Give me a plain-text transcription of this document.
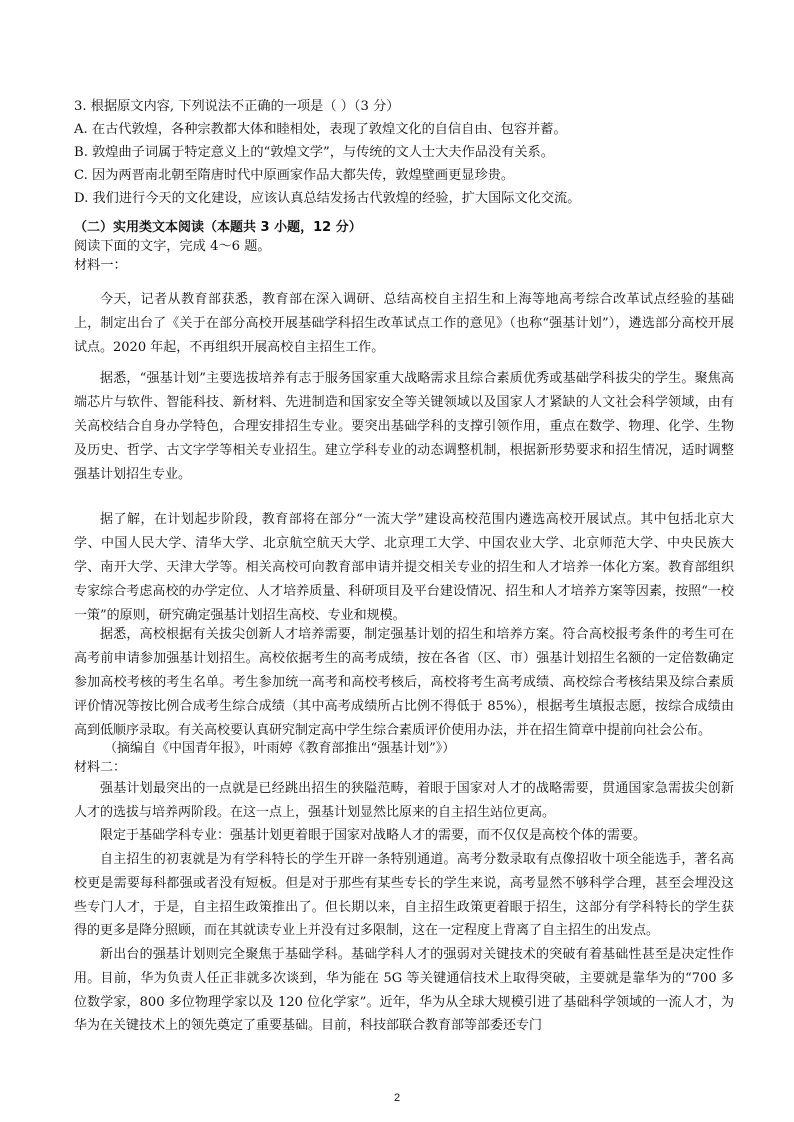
3. 根据原文内容, 下列说法不正确的一项是（ ）（3 分）

A. 在古代敦煌，各种宗教都大体和睦相处，表现了敦煌文化的自信自由、包容并蓄。

B. 敦煌曲子词属于特定意义上的“敦煌文学”，与传统的文人士大夫作品没有关系。

C. 因为两晋南北朝至隋唐时代中原画家作品大都失传，敦煌壁画更显珍贵。

D. 我们进行今天的文化建设，应该认真总结发扬古代敦煌的经验，扩大国际文化交流。

（二）实用类文本阅读（本题共 3 小题，12 分）

阅读下面的文字，完成 4～6 题。

材料一：

今天，记者从教育部获悉，教育部在深入调研、总结高校自主招生和上海等地高考综合改革试点经验的基础上，制定出台了《关于在部分高校开展基础学科招生改革试点工作的意见》（也称“强基计划”），遴选部分高校开展试点。2020 年起，不再组织开展高校自主招生工作。

据悉，“强基计划”主要选拔培养有志于服务国家重大战略需求且综合素质优秀或基础学科拔尖的学生。聚焦高端芯片与软件、智能科技、新材料、先进制造和国家安全等关键领域以及国家人才紧缺的人文社会科学领域，由有关高校结合自身办学特色，合理安排招生专业。要突出基础学科的支撑引领作用，重点在数学、物理、化学、生物及历史、哲学、古文字学等相关专业招生。建立学科专业的动态调整机制，根据新形势要求和招生情况，适时调整强基计划招生专业。

据了解，在计划起步阶段，教育部将在部分“一流大学”建设高校范围内遴选高校开展试点。其中包括北京大学、中国人民大学、清华大学、北京航空航天大学、北京理工大学、中国农业大学、北京师范大学、中央民族大学、南开大学、天津大学等。相关高校可向教育部申请并提交相关专业的招生和人才培养一体化方案。教育部组织专家综合考虑高校的办学定位、人才培养质量、科研项目及平台建设情况、招生和人才培养方案等因素，按照“一校一策”的原则，研究确定强基计划招生高校、专业和规模。

据悉，高校根据有关拔尖创新人才培养需要，制定强基计划的招生和培养方案。符合高校报考条件的考生可在高考前申请参加强基计划招生。高校依据考生的高考成绩，按在各省（区、市）强基计划招生名额的一定倍数确定参加高校考核的考生名单。考生参加统一高考和高校考核后，高校将考生高考成绩、高校综合考核结果及综合素质评价情况等按比例合成考生综合成绩（其中高考成绩所占比例不得低于 85%），根据考生填报志愿，按综合成绩由高到低顺序录取。有关高校要认真研究制定高中学生综合素质评价使用办法，并在招生简章中提前向社会公布。

（摘编自《中国青年报》，叶雨婷《教育部推出“强基计划”》）

材料二：

强基计划最突出的一点就是已经跳出招生的狭隘范畴，着眼于国家对人才的战略需要，贯通国家急需拔尖创新人才的选拔与培养两阶段。在这一点上，强基计划显然比原来的自主招生站位更高。

限定于基础学科专业：强基计划更着眼于国家对战略人才的需要，而不仅仅是高校个体的需要。

自主招生的初衷就是为有学科特长的学生开辟一条特别通道。高考分数录取有点像招收十项全能选手，著名高校更是需要每科都强或者没有短板。但是对于那些有某些专长的学生来说，高考显然不够科学合理，甚至会埋没这些专门人才，于是，自主招生政策推出了。但长期以来，自主招生政策更着眼于招生，这部分有学科特长的学生获得的更多是降分照顾，而在其就读专业上并没有过多限制，这在一定程度上背离了自主招生的出发点。

新出台的强基计划则完全聚焦于基础学科。基础学科人才的强弱对关键技术的突破有着基础性甚至是决定性作用。目前，华为负责人任正非就多次谈到，华为能在 5G 等关键通信技术上取得突破，主要就是靠华为的“700 多位数学家，800 多位物理学家以及 120 位化学家”。近年，华为从全球大规模引进了基础科学领域的一流人才，为华为在关键技术上的领先奠定了重要基础。目前，科技部联合教育部等部委还专门

2
